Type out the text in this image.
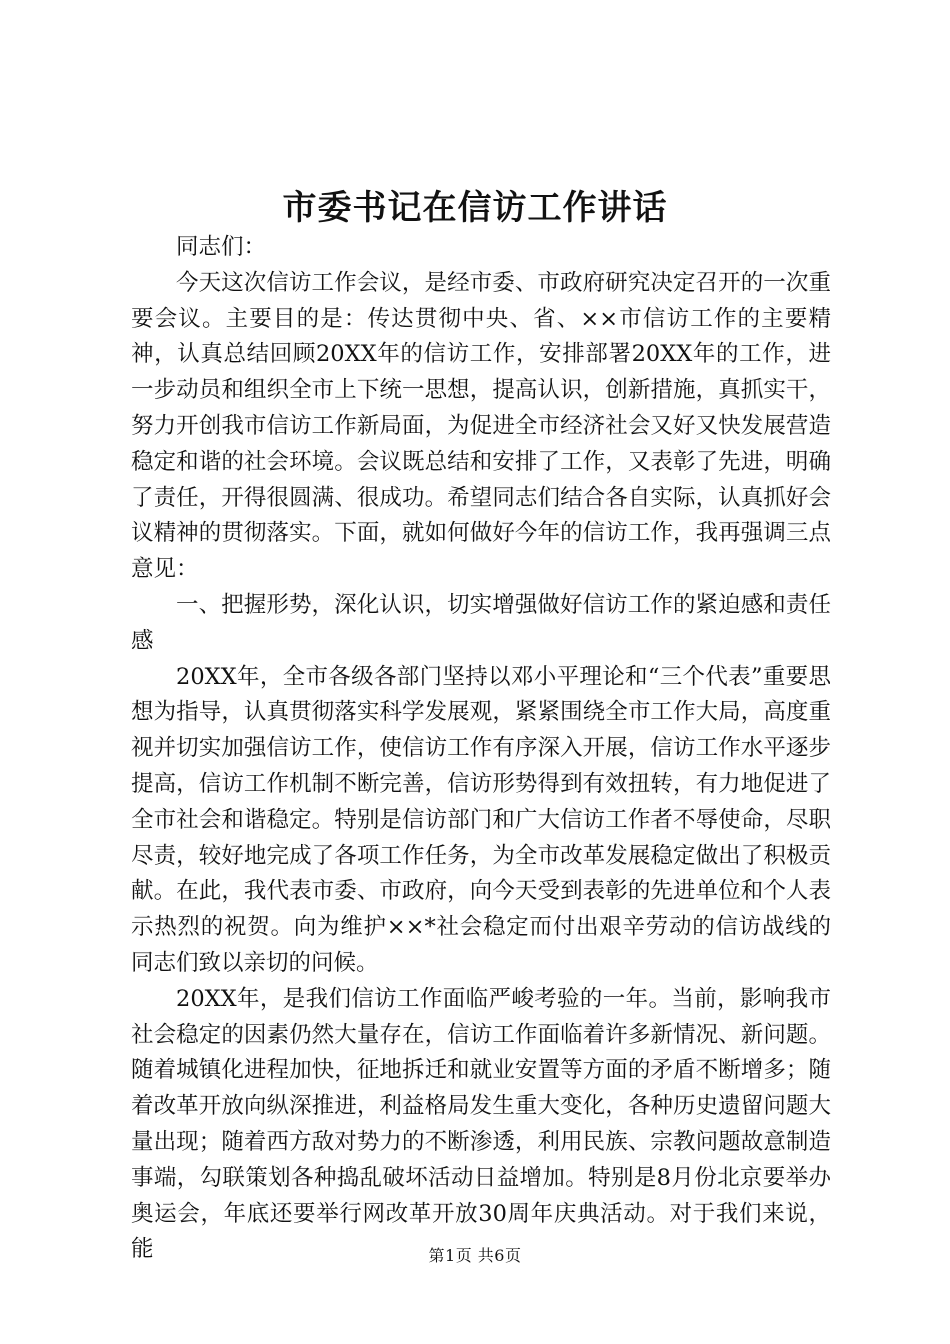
市委书记在信访工作讲话

同志们：

今天这次信访工作会议，是经市委、市政府研究决定召开的一次重要会议。主要目的是：传达贯彻中央、省、××市信访工作的主要精神，认真总结回顾20XX年的信访工作，安排部署20XX年的工作，进一步动员和组织全市上下统一思想，提高认识，创新措施，真抓实干，努力开创我市信访工作新局面，为促进全市经济社会又好又快发展营造稳定和谐的社会环境。会议既总结和安排了工作，又表彰了先进，明确了责任，开得很圆满、很成功。希望同志们结合各自实际，认真抓好会议精神的贯彻落实。下面，就如何做好今年的信访工作，我再强调三点意见：

一、把握形势，深化认识，切实增强做好信访工作的紧迫感和责任感

20XX年，全市各级各部门坚持以邓小平理论和“三个代表”重要思想为指导，认真贯彻落实科学发展观，紧紧围绕全市工作大局，高度重视并切实加强信访工作，使信访工作有序深入开展，信访工作水平逐步提高，信访工作机制不断完善，信访形势得到有效扭转，有力地促进了全市社会和谐稳定。特别是信访部门和广大信访工作者不辱使命，尽职尽责，较好地完成了各项工作任务，为全市改革发展稳定做出了积极贡献。在此，我代表市委、市政府，向今天受到表彰的先进单位和个人表示热烈的祝贺。向为维护××*社会稳定而付出艰辛劳动的信访战线的同志们致以亲切的问候。

20XX年，是我们信访工作面临严峻考验的一年。当前，影响我市社会稳定的因素仍然大量存在，信访工作面临着许多新情况、新问题。随着城镇化进程加快，征地拆迁和就业安置等方面的矛盾不断增多；随着改革开放向纵深推进，利益格局发生重大变化，各种历史遗留问题大量出现；随着西方敌对势力的不断渗透，利用民族、宗教问题故意制造事端，勾联策划各种捣乱破坏活动日益增加。特别是8月份北京要举办奥运会，年底还要举行网改革开放30周年庆典活动。对于我们来说，能	第1页 共6页
